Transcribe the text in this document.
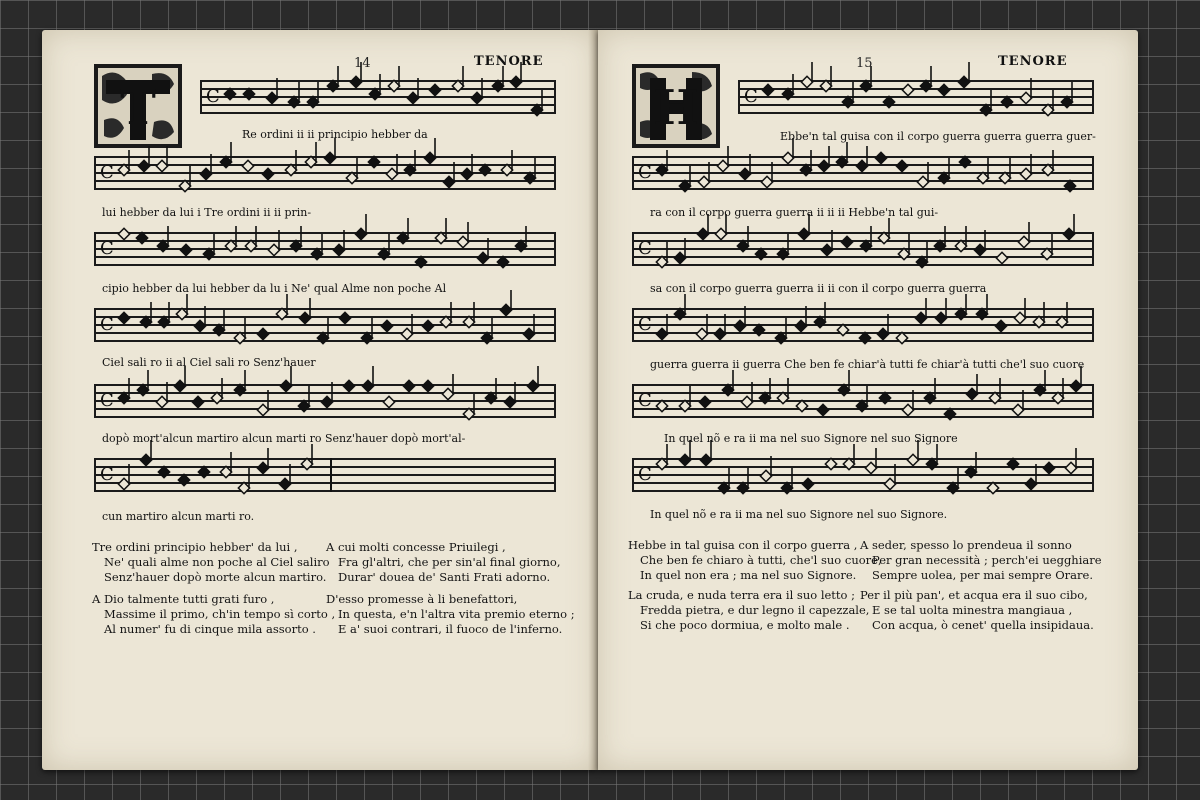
14	TENORE
T	C
Re ordini ii ii principio hebber da
C
lui hebber da lui i Tre ordini ii ii prin-
C
cipio hebber da lui hebber da lu i Ne' qual Alme non poche Al
C
Ciel sali ro ii al Ciel sali ro Senz'hauer
C
dopò mort'alcun martiro alcun marti ro Senz'hauer dopò mort'al-
C
cun martiro alcun marti ro.
Tre ordini principio hebber' da lui ,
Ne' quali alme non poche al Ciel saliro
Senz'hauer dopò morte alcun martiro.
A cui molti concesse Priuilegi ,
Fra gl'altri, che per sin'al final giorno,
Durar' douea de' Santi Frati adorno.
A Dio talmente tutti grati furo ,
Massime il primo, ch'in tempo sì corto ,
Al numer' fu di cinque mila assorto .
D'esso promesse à li benefattori,
In questa, e'n l'altra vita premio eterno ;
E a' suoi contrari, il fuoco de l'inferno.
15	TENORE
H	C
Ebbe'n tal guisa con il corpo guerra guerra guerra guer-
C
ra con il corpo guerra guerra ii ii ii Hebbe'n tal gui-
C
sa con il corpo guerra guerra ii ii con il corpo guerra guerra
C
guerra guerra ii guerra Che ben fe chiar'à tutti fe chiar'à tutti che'l suo cuore
C
In quel nõ e ra ii ma nel suo Signore nel suo Signore
C
In quel nõ e ra ii ma nel suo Signore nel suo Signore.
Hebbe in tal guisa con il corpo guerra ,
Che ben fe chiaro à tutti, che'l suo cuore,
In quel non era ; ma nel suo Signore.
A seder, spesso lo prendeua il sonno
Per gran necessità ; perch'ei uegghiare
Sempre uolea, per mai sempre Orare.
La cruda, e nuda terra era il suo letto ;
Fredda pietra, e dur legno il capezzale,
Si che poco dormiua, e molto male .
Per il più pan', et acqua era il suo cibo,
E se tal uolta minestra mangiaua ,
Con acqua, ò cenet' quella insipidaua.
